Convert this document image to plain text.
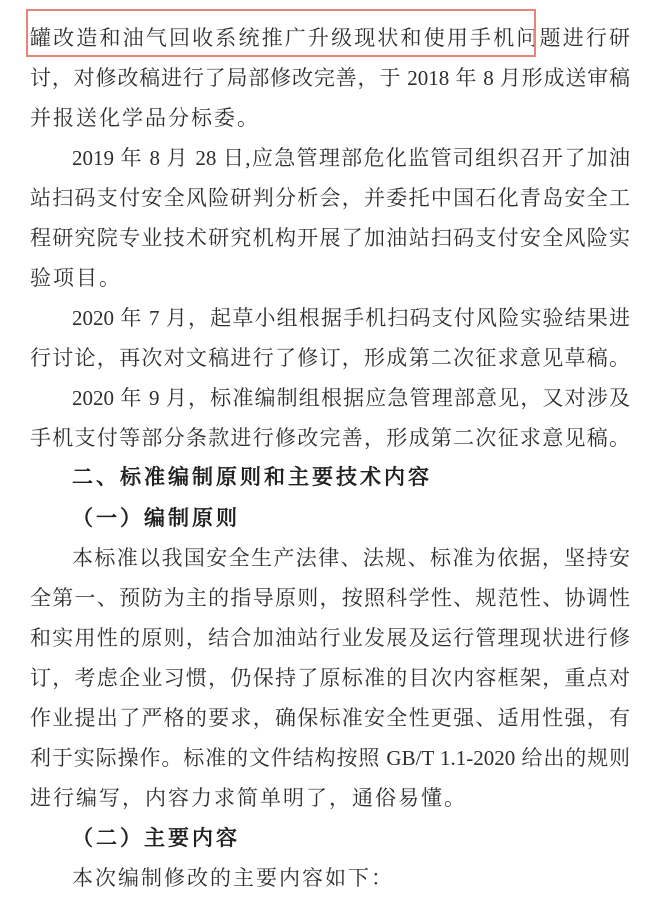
罐改造和油气回收系统推广升级现状和使用手机问题进行研
讨，对修改稿进行了局部修改完善，于 2018 年 8 月形成送审稿
并报送化学品分标委。
2019 年 8 月 28 日,应急管理部危化监管司组织召开了加油
站扫码支付安全风险研判分析会，并委托中国石化青岛安全工
程研究院专业技术研究机构开展了加油站扫码支付安全风险实
验项目。
2020 年 7 月，起草小组根据手机扫码支付风险实验结果进
行讨论，再次对文稿进行了修订，形成第二次征求意见草稿。
2020 年 9 月，标准编制组根据应急管理部意见，又对涉及
手机支付等部分条款进行修改完善，形成第二次征求意见稿。
二、标准编制原则和主要技术内容
（一）编制原则
本标准以我国安全生产法律、法规、标准为依据，坚持安
全第一、预防为主的指导原则，按照科学性、规范性、协调性
和实用性的原则，结合加油站行业发展及运行管理现状进行修
订，考虑企业习惯，仍保持了原标准的目次内容框架，重点对
作业提出了严格的要求，确保标准安全性更强、适用性强，有
利于实际操作。标准的文件结构按照 GB/T 1.1-2020 给出的规则
进行编写，内容力求简单明了，通俗易懂。
（二）主要内容
本次编制修改的主要内容如下：
